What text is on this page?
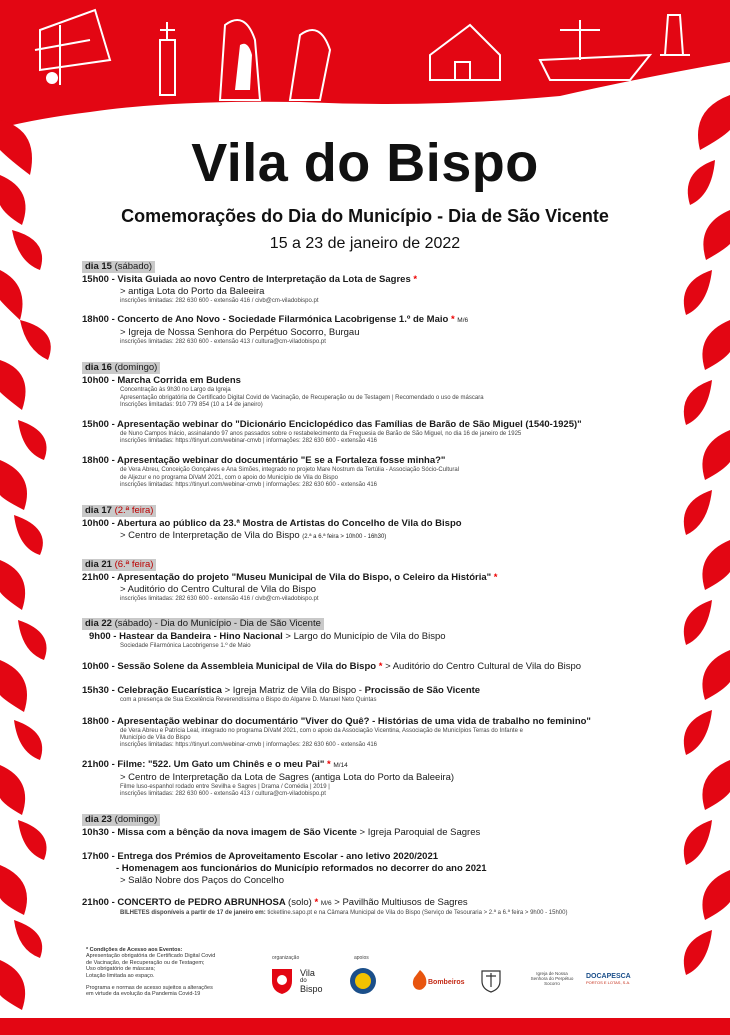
Vila do Bispo
Comemorações do Dia do Município - Dia de São Vicente
15 a 23 de janeiro de 2022
dia 15 (sábado)
15h00 - Visita Guiada ao novo Centro de Interpretação da Lota de Sagres *
> antiga Lota do Porto da Baleeira
inscrições limitadas: 282 630 600 - extensão 416 / civb@cm-viladobispo.pt
18h00 - Concerto de Ano Novo - Sociedade Filarmónica Lacobrigense 1.º de Maio * M/6
> Igreja de Nossa Senhora do Perpétuo Socorro, Burgau
inscrições limitadas: 282 630 600 - extensão 413 / cultura@cm-viladobispo.pt
dia 16 (domingo)
10h00 - Marcha Corrida em Budens
Concentração às 9h30 no Largo da Igreja
Apresentação obrigatória de Certificado Digital Covid de Vacinação, de Recuperação ou de Testagem | Recomendado o uso de máscara
Inscrições limitadas: 910 779 854 (10 a 14 de janeiro)
15h00 - Apresentação webinar do "Dicionário Enciclopédico das Famílias de Barão de São Miguel (1540-1925)"
de Nuno Campos Inácio, assinalando 97 anos passados sobre o restabelecimento da Freguesia de Barão de São Miguel, no dia 16 de janeiro de 1925
inscrições limitadas: https://tinyurl.com/webinar-cmvb | informações: 282 630 600 - extensão 416
18h00 - Apresentação webinar do documentário "E se a Fortaleza fosse minha?"
de Vera Abreu, Conceição Gonçalves e Ana Simões, integrado no projeto Mare Nostrum da Tertúlia - Associação Sócio-Cultural
de Aljezur e no programa DiVaM 2021, com o apoio do Município de Vila do Bispo
inscrições limitadas: https://tinyurl.com/webinar-cmvb | informações: 282 630 600 - extensão 416
dia 17 (2.ª feira)
10h00 - Abertura ao público da 23.ª Mostra de Artistas do Concelho de Vila do Bispo
> Centro de Interpretação de Vila do Bispo (2.ª a 6.ª feira > 10h00 - 16h30)
dia 21 (6.ª feira)
21h00 - Apresentação do projeto "Museu Municipal de Vila do Bispo, o Celeiro da História" *
> Auditório do Centro Cultural de Vila do Bispo
inscrições limitadas: 282 630 600 - extensão 416 / civb@cm-viladobispo.pt
dia 22 (sábado) - Dia do Município - Dia de São Vicente
9h00 - Hastear da Bandeira - Hino Nacional > Largo do Município de Vila do Bispo
Sociedade Filarmónica Lacobrigense 1.º de Maio
10h00 - Sessão Solene da Assembleia Municipal de Vila do Bispo * > Auditório do Centro Cultural de Vila do Bispo
15h30 - Celebração Eucarística > Igreja Matriz de Vila do Bispo - Procissão de São Vicente
com a presença de Sua Excelência Reverendíssima o Bispo do Algarve D. Manuel Neto Quintas
18h00 - Apresentação webinar do documentário "Viver do Quê? - Histórias de uma vida de trabalho no feminino"
de Vera Abreu e Patrícia Leal, integrado no programa DiVaM 2021, com o apoio da Associação Vicentina, Associação de Municípios Terras do Infante e
Município de Vila do Bispo
inscrições limitadas: https://tinyurl.com/webinar-cmvb | informações: 282 630 600 - extensão 416
21h00 - Filme: "522. Um Gato um Chinês e o meu Pai" * M/14
> Centro de Interpretação da Lota de Sagres (antiga Lota do Porto da Baleeira)
Filme luso-espanhol rodado entre Sevilha e Sagres | Drama / Comédia | 2019 |
inscrições limitadas: 282 630 600 - extensão 413 / cultura@cm-viladobispo.pt
dia 23 (domingo)
10h30 - Missa com a bênção da nova imagem de São Vicente > Igreja Paroquial de Sagres
17h00 - Entrega dos Prémios de Aproveitamento Escolar - ano letivo 2020/2021
- Homenagem aos funcionários do Município reformados no decorrer do ano 2021
> Salão Nobre dos Paços do Concelho
21h00 - CONCERTO de PEDRO ABRUNHOSA (solo) * M/6 > Pavilhão Multiusos de Sagres
BILHETES disponíveis a partir de 17 de janeiro em: ticketline.sapo.pt e na Câmara Municipal de Vila do Bispo (Serviço de Tesouraria > 2.ª a 6.ª feira > 9h00 - 15h00)
* Condições de Acesso aos Eventos:
Apresentação obrigatória de Certificado Digital Covid
de Vacinação, de Recuperação ou de Testagem;
Uso obrigatório de máscara;
Lotação limitada ao espaço.
Programa e normas de acesso sujeitos a alterações
em virtude da evolução da Pandemia Covid-19
organização	apoios
Vila
do
Bispo
Bombeiros
Igreja de Nossa Senhora do Perpétuo Socorro
DOCAPESCA
PORTOS E LOTAS, S.A.
